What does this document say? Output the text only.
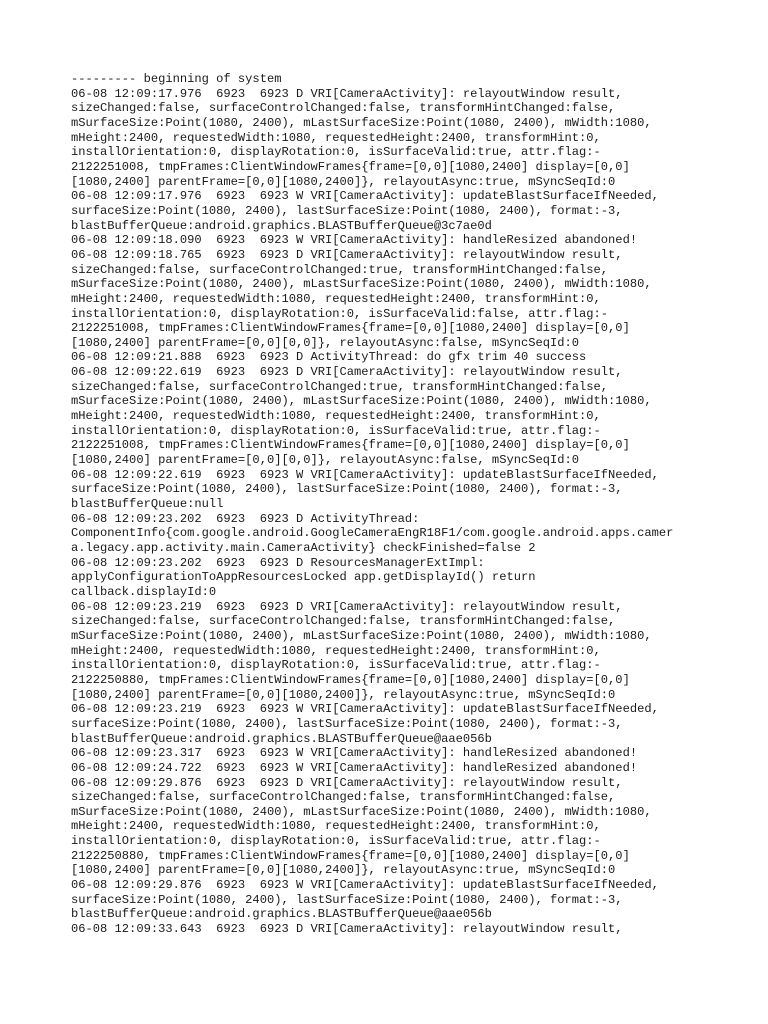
--------- beginning of system
06-08 12:09:17.976  6923  6923 D VRI[CameraActivity]: relayoutWindow result,
sizeChanged:false, surfaceControlChanged:false, transformHintChanged:false,
mSurfaceSize:Point(1080, 2400), mLastSurfaceSize:Point(1080, 2400), mWidth:1080,
mHeight:2400, requestedWidth:1080, requestedHeight:2400, transformHint:0,
installOrientation:0, displayRotation:0, isSurfaceValid:true, attr.flag:-
2122251008, tmpFrames:ClientWindowFrames{frame=[0,0][1080,2400] display=[0,0]
[1080,2400] parentFrame=[0,0][1080,2400]}, relayoutAsync:true, mSyncSeqId:0
06-08 12:09:17.976  6923  6923 W VRI[CameraActivity]: updateBlastSurfaceIfNeeded,
surfaceSize:Point(1080, 2400), lastSurfaceSize:Point(1080, 2400), format:-3,
blastBufferQueue:android.graphics.BLASTBufferQueue@3c7ae0d
06-08 12:09:18.090  6923  6923 W VRI[CameraActivity]: handleResized abandoned!
06-08 12:09:18.765  6923  6923 D VRI[CameraActivity]: relayoutWindow result,
sizeChanged:false, surfaceControlChanged:true, transformHintChanged:false,
mSurfaceSize:Point(1080, 2400), mLastSurfaceSize:Point(1080, 2400), mWidth:1080,
mHeight:2400, requestedWidth:1080, requestedHeight:2400, transformHint:0,
installOrientation:0, displayRotation:0, isSurfaceValid:false, attr.flag:-
2122251008, tmpFrames:ClientWindowFrames{frame=[0,0][1080,2400] display=[0,0]
[1080,2400] parentFrame=[0,0][0,0]}, relayoutAsync:false, mSyncSeqId:0
06-08 12:09:21.888  6923  6923 D ActivityThread: do gfx trim 40 success
06-08 12:09:22.619  6923  6923 D VRI[CameraActivity]: relayoutWindow result,
sizeChanged:false, surfaceControlChanged:true, transformHintChanged:false,
mSurfaceSize:Point(1080, 2400), mLastSurfaceSize:Point(1080, 2400), mWidth:1080,
mHeight:2400, requestedWidth:1080, requestedHeight:2400, transformHint:0,
installOrientation:0, displayRotation:0, isSurfaceValid:true, attr.flag:-
2122251008, tmpFrames:ClientWindowFrames{frame=[0,0][1080,2400] display=[0,0]
[1080,2400] parentFrame=[0,0][0,0]}, relayoutAsync:false, mSyncSeqId:0
06-08 12:09:22.619  6923  6923 W VRI[CameraActivity]: updateBlastSurfaceIfNeeded,
surfaceSize:Point(1080, 2400), lastSurfaceSize:Point(1080, 2400), format:-3,
blastBufferQueue:null
06-08 12:09:23.202  6923  6923 D ActivityThread:
ComponentInfo{com.google.android.GoogleCameraEngR18F1/com.google.android.apps.camer
a.legacy.app.activity.main.CameraActivity} checkFinished=false 2
06-08 12:09:23.202  6923  6923 D ResourcesManagerExtImpl:
applyConfigurationToAppResourcesLocked app.getDisplayId() return
callback.displayId:0
06-08 12:09:23.219  6923  6923 D VRI[CameraActivity]: relayoutWindow result,
sizeChanged:false, surfaceControlChanged:false, transformHintChanged:false,
mSurfaceSize:Point(1080, 2400), mLastSurfaceSize:Point(1080, 2400), mWidth:1080,
mHeight:2400, requestedWidth:1080, requestedHeight:2400, transformHint:0,
installOrientation:0, displayRotation:0, isSurfaceValid:true, attr.flag:-
2122250880, tmpFrames:ClientWindowFrames{frame=[0,0][1080,2400] display=[0,0]
[1080,2400] parentFrame=[0,0][1080,2400]}, relayoutAsync:true, mSyncSeqId:0
06-08 12:09:23.219  6923  6923 W VRI[CameraActivity]: updateBlastSurfaceIfNeeded,
surfaceSize:Point(1080, 2400), lastSurfaceSize:Point(1080, 2400), format:-3,
blastBufferQueue:android.graphics.BLASTBufferQueue@aae056b
06-08 12:09:23.317  6923  6923 W VRI[CameraActivity]: handleResized abandoned!
06-08 12:09:24.722  6923  6923 W VRI[CameraActivity]: handleResized abandoned!
06-08 12:09:29.876  6923  6923 D VRI[CameraActivity]: relayoutWindow result,
sizeChanged:false, surfaceControlChanged:false, transformHintChanged:false,
mSurfaceSize:Point(1080, 2400), mLastSurfaceSize:Point(1080, 2400), mWidth:1080,
mHeight:2400, requestedWidth:1080, requestedHeight:2400, transformHint:0,
installOrientation:0, displayRotation:0, isSurfaceValid:true, attr.flag:-
2122250880, tmpFrames:ClientWindowFrames{frame=[0,0][1080,2400] display=[0,0]
[1080,2400] parentFrame=[0,0][1080,2400]}, relayoutAsync:true, mSyncSeqId:0
06-08 12:09:29.876  6923  6923 W VRI[CameraActivity]: updateBlastSurfaceIfNeeded,
surfaceSize:Point(1080, 2400), lastSurfaceSize:Point(1080, 2400), format:-3,
blastBufferQueue:android.graphics.BLASTBufferQueue@aae056b
06-08 12:09:33.643  6923  6923 D VRI[CameraActivity]: relayoutWindow result,
